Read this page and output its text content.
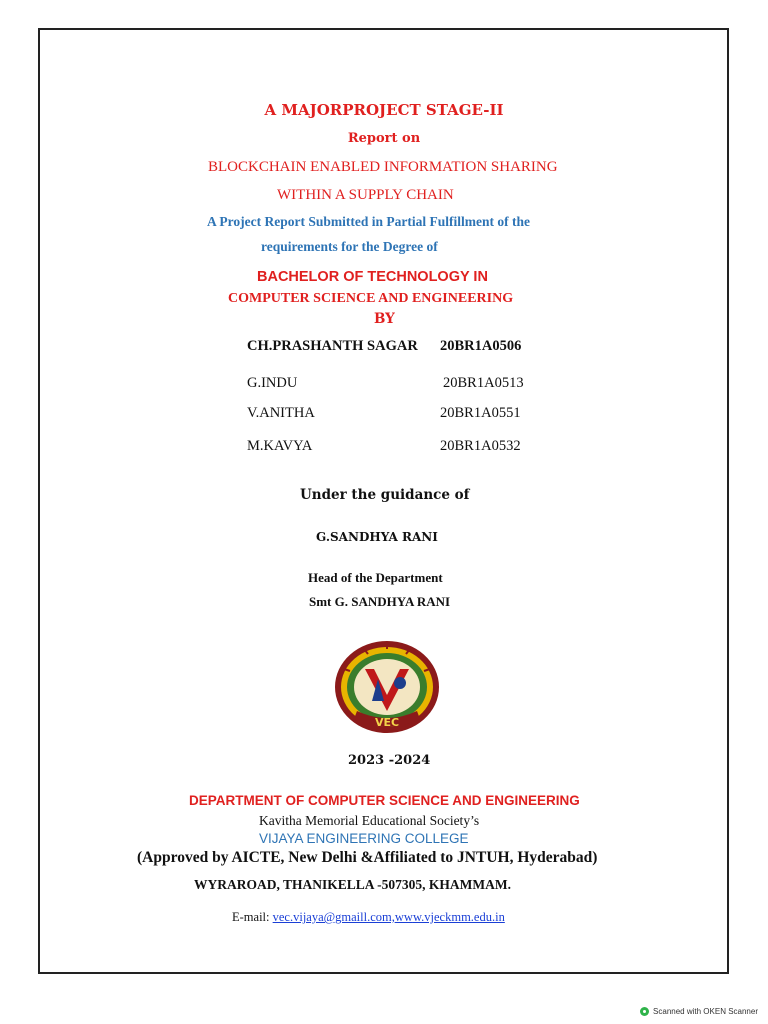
A MAJORPROJECT STAGE-II
Report on
BLOCKCHAIN ENABLED INFORMATION SHARING
WITHIN A SUPPLY CHAIN
A Project Report Submitted in Partial Fulfillment of the
requirements for the Degree of
BACHELOR OF TECHNOLOGY IN
COMPUTER SCIENCE AND ENGINEERING
BY
CH.PRASHANTH SAGAR 20BR1A0506
G.INDU	20BR1A0513
V.ANITHA	20BR1A0551
M.KAVYA	20BR1A0532
Under the guidance of
G.SANDHYA RANI
Head of the Department
Smt G. SANDHYA RANI
VEC
2023 -2024
DEPARTMENT OF COMPUTER SCIENCE AND ENGINEERING
Kavitha Memorial Educational Society’s
VIJAYA ENGINEERING COLLEGE
(Approved by AICTE, New Delhi &Affiliated to JNTUH, Hyderabad)
WYRAROAD, THANIKELLA -507305, KHAMMAM.
E-mail: vec.vijaya@gmaill.com,www.vjeckmm.edu.in
Scanned with OKEN Scanner
